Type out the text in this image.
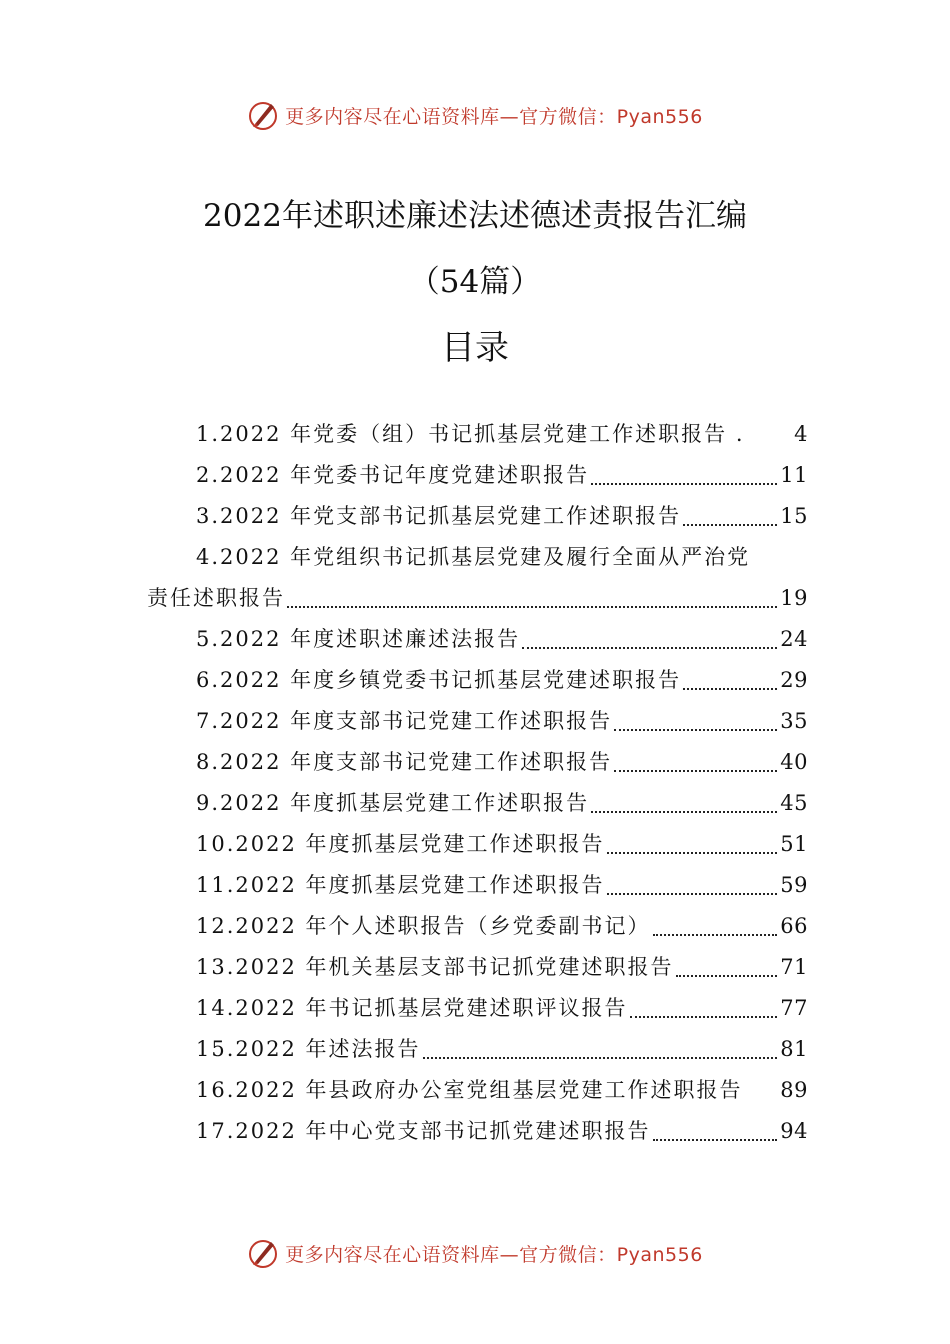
更多内容尽在心语资料库—官方微信：Pyan556
2022年述职述廉述法述德述责报告汇编
（54篇）
目录
1.2022 年党委（组）书记抓基层党建工作述职报告 . 4
2.2022 年党委书记年度党建述职报告	11
3.2022 年党支部书记抓基层党建工作述职报告	15
4.2022 年党组织书记抓基层党建及履行全面从严治党
责任述职报告	19
5.2022 年度述职述廉述法报告	24
6.2022 年度乡镇党委书记抓基层党建述职报告	29
7.2022 年度支部书记党建工作述职报告	35
8.2022 年度支部书记党建工作述职报告	40
9.2022 年度抓基层党建工作述职报告	45
10.2022 年度抓基层党建工作述职报告	51
11.2022 年度抓基层党建工作述职报告	59
12.2022 年个人述职报告（乡党委副书记）	66
13.2022 年机关基层支部书记抓党建述职报告	71
14.2022 年书记抓基层党建述职评议报告	77
15.2022 年述法报告	81
16.2022 年县政府办公室党组基层党建工作述职报告 89
17.2022 年中心党支部书记抓党建述职报告	94
更多内容尽在心语资料库—官方微信：Pyan556
